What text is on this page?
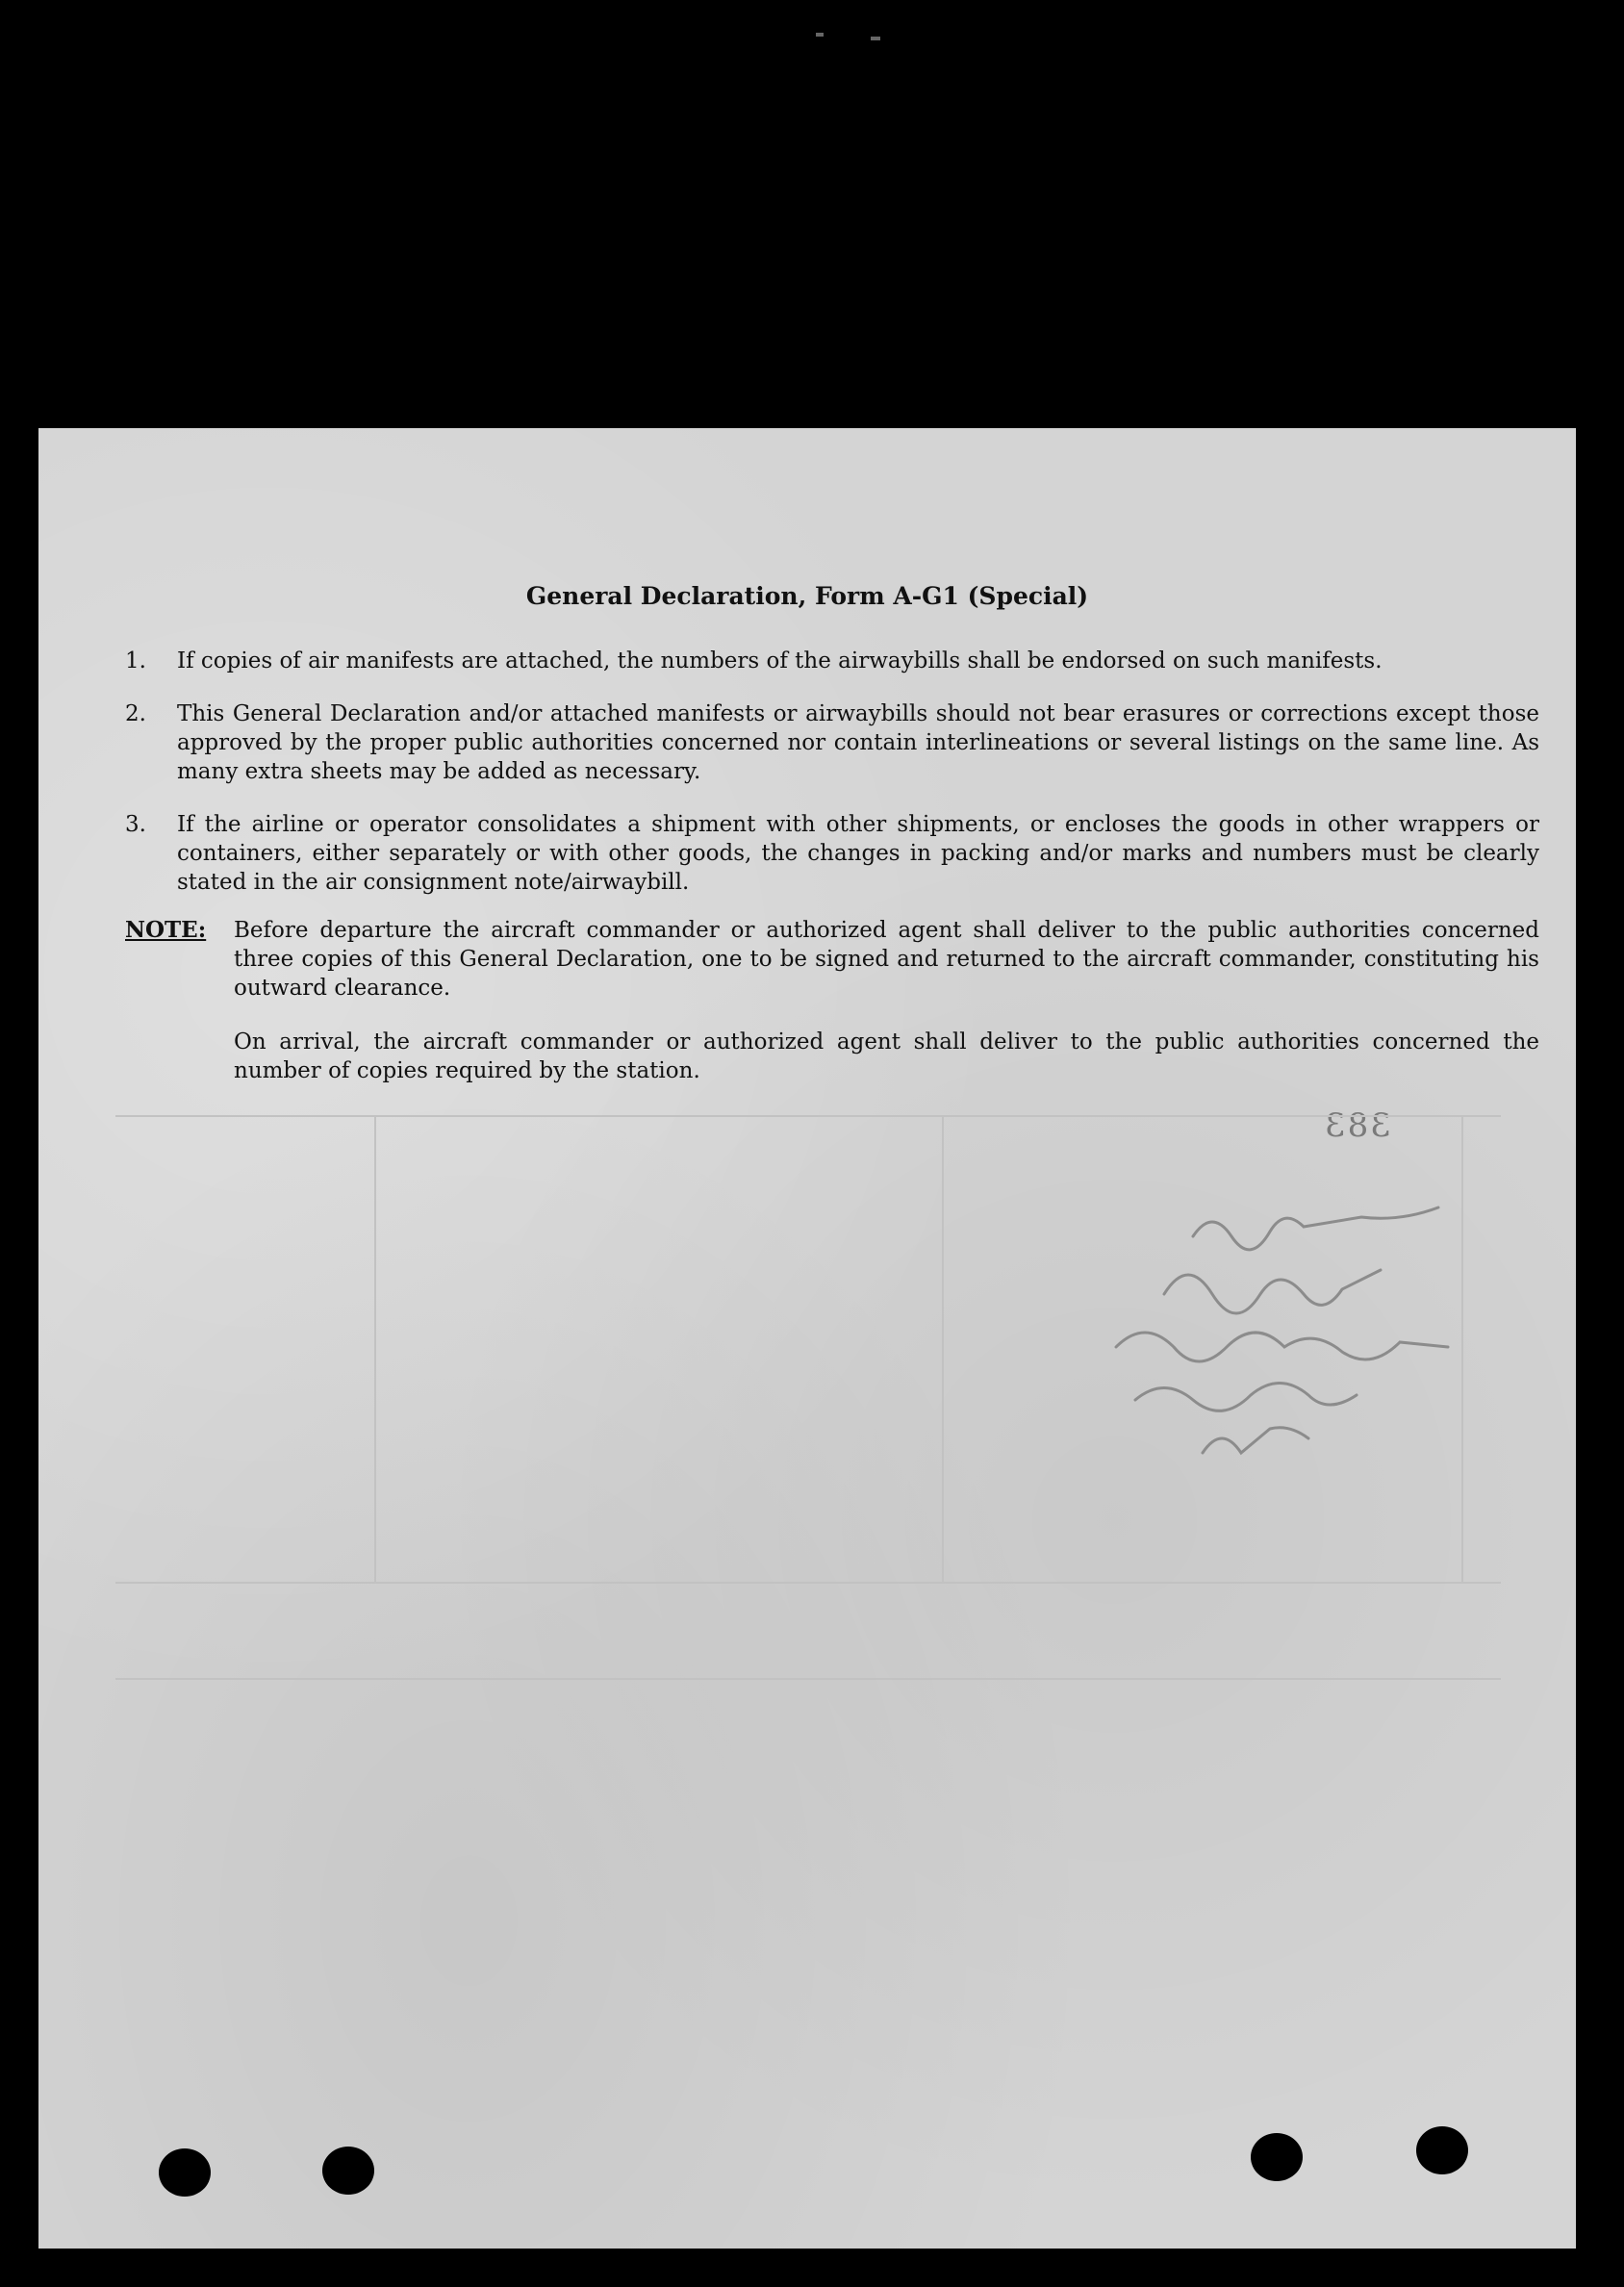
General Declaration, Form A-G1 (Special)
1. If copies of air manifests are attached, the numbers of the airwaybills shall be endorsed on such manifests.
2. This General Declaration and/or attached manifests or airwaybills should not bear erasures or corrections except those approved by the proper public authorities concerned nor contain interlineations or several listings on the same line. As many extra sheets may be added as necessary.
3. If the airline or operator consolidates a shipment with other shipments, or encloses the goods in other wrappers or containers, either separately or with other goods, the changes in packing and/or marks and numbers must be clearly stated in the air consignment note/airwaybill.
NOTE: Before departure the aircraft commander or authorized agent shall deliver to the public authorities concerned three copies of this General Declaration, one to be signed and returned to the aircraft commander, constituting his outward clearance.
On arrival, the aircraft commander or authorized agent shall deliver to the public authorities concerned the number of copies required by the station.
383
